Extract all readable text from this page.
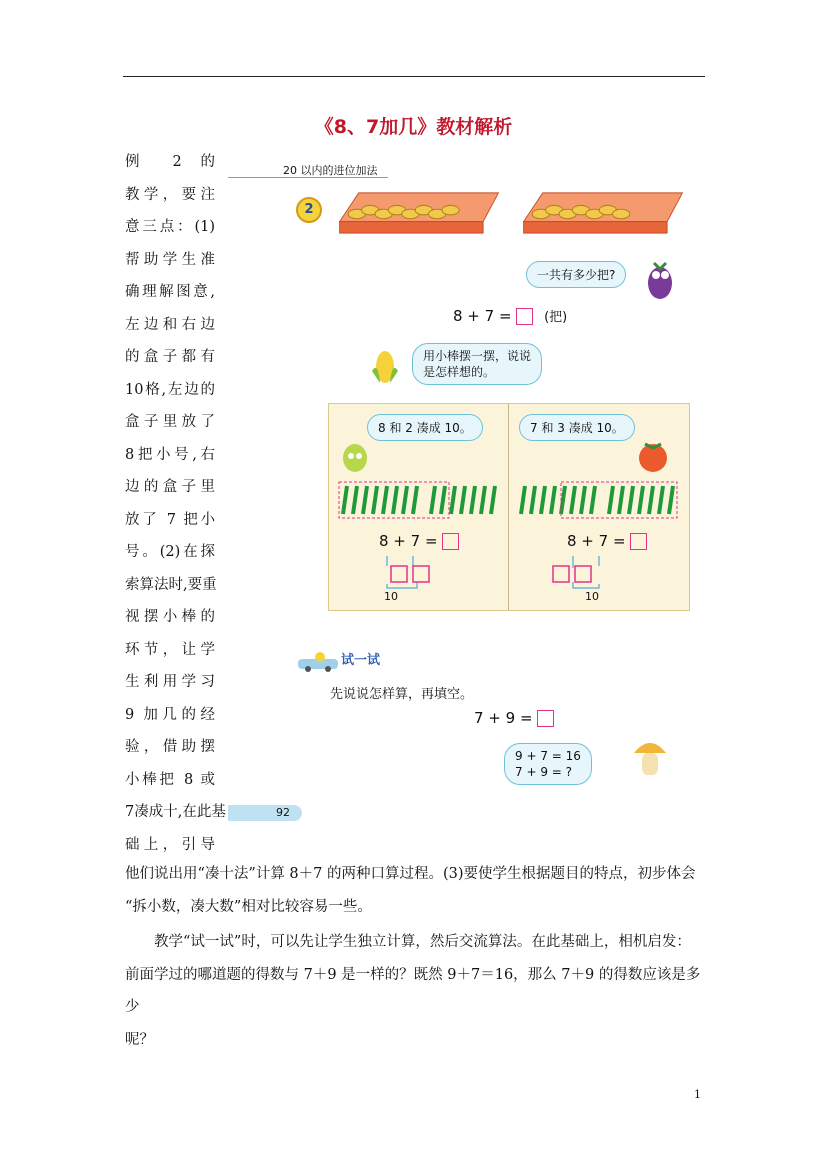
《8、7加几》教材解析
例 2 的
教学，要注
意三点：(1)
帮助学生准
确理解图意,
左边和右边
的盒子都有
10格,左边的
盒子里放了
8把小号,右
边的盒子里
放了 7 把小
号。(2)在探
索算法时,要重
视摆小棒的
环节，让学
生利用学习
9 加几的经
验，借助摆
小棒把 8 或
7凑成十,在此基
础上，引导
20 以内的进位加法
2
一共有多少把?
8 + 7 =	(把)
用小棒摆一摆，说说
是怎样想的。
8 和 2 凑成 10。	7 和 3 凑成 10。
8 + 7 =	8 + 7 =
10	10
试一试
先说说怎样算，再填空。
7 + 9 =
9 + 7 = 16
7 + 9 = ?
92
他们说出用“凑十法”计算 8＋7 的两种口算过程。(3)要使学生根据题目的特点，初步体会
“拆小数，凑大数”相对比较容易一些。
教学“试一试”时，可以先让学生独立计算，然后交流算法。在此基础上，相机启发：
前面学过的哪道题的得数与 7＋9 是一样的？既然 9＋7＝16，那么 7＋9 的得数应该是多少
呢？
1
